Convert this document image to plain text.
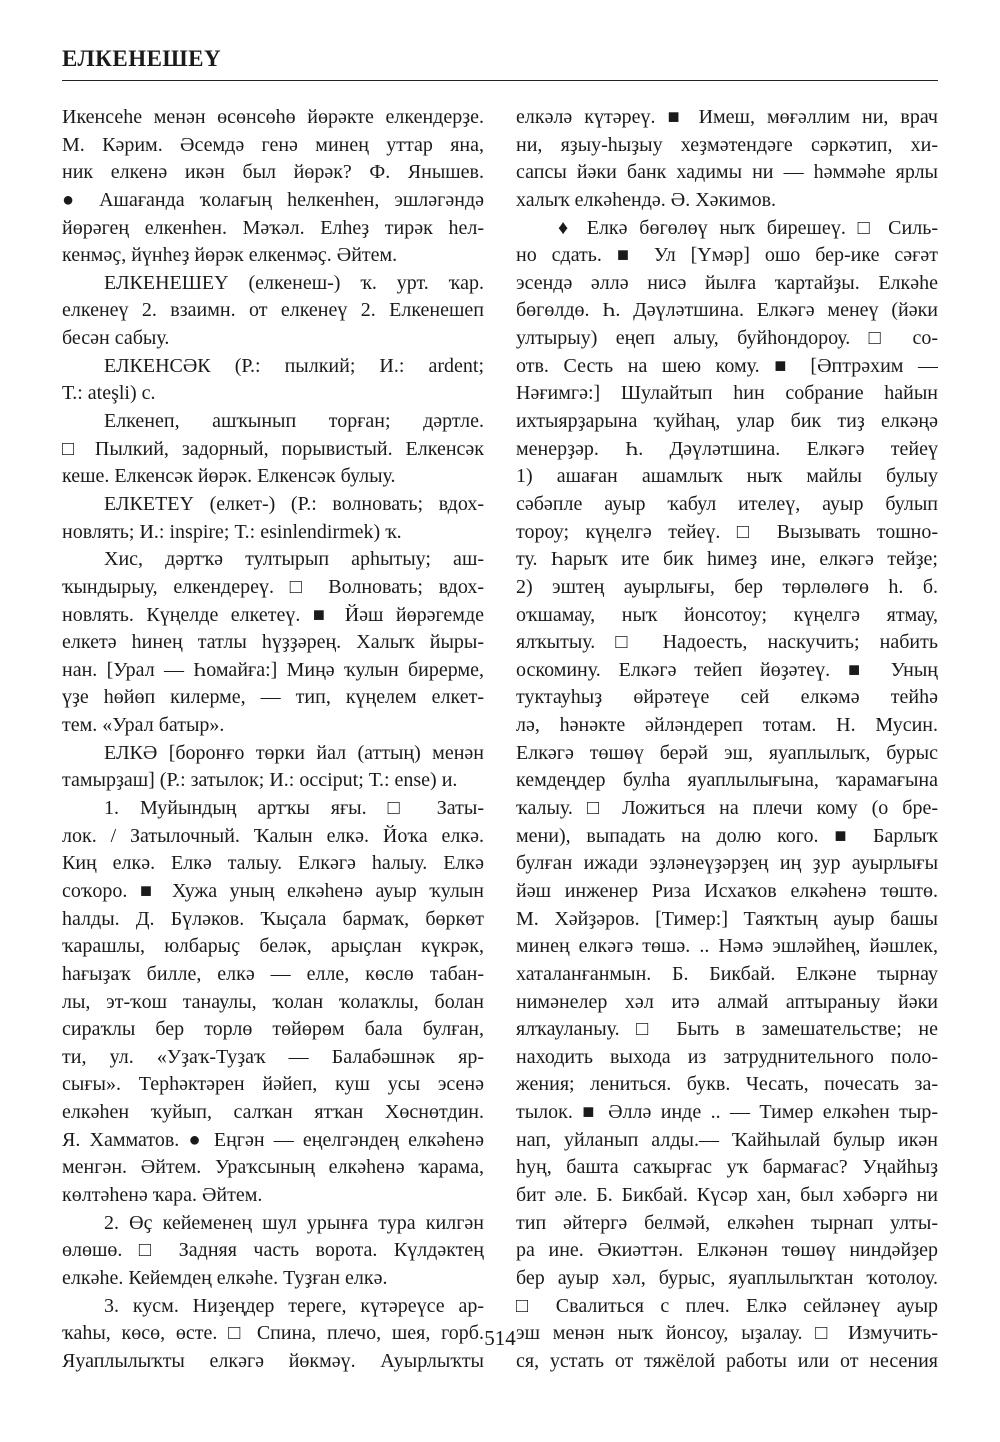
ЕЛКЕНЕШЕҮ
Икенсеһе менән өсөнсөһө йөрәкте елкендерҙе.
М. Кәрим. Әсемдә генә минең уттар яна,
ник елкенә икән был йөрәк? Ф. Янышев.
● Ашағанда ҡолағың һелкенһен, эшләгәндә
йөрәгең елкенһен. Мәҡәл. Елһеҙ тирәк һел-
кенмәҫ, йүнһеҙ йөрәк елкенмәҫ. Әйтем.
ЕЛКЕНЕШЕҮ (елкенеш-) ҡ. урт. ҡар.
елкенеү 2. взаимн. от елкенеү 2. Елкенешеп
бесән сабыу.
ЕЛКЕНСӘК (Р.: пылкий; И.: ardent;
Т.: ateşli) с.
Елкенеп, ашҡынып торған; дәртле.
□ Пылкий, задорный, порывистый. Елкенсәк
кеше. Елкенсәк йөрәк. Елкенсәк булыу.
ЕЛКЕТЕҮ (елкет-) (Р.: волновать; вдох-
новлять; И.: inspire; Т.: esinlendirmek) ҡ.
Хис, дәртҡә тултырып арһытыу; аш-
ҡындырыу, елкендереү. □ Волновать; вдох-
новлять. Күңелде елкетеү. ■ Йәш йөрәгемде
елкетә һинең татлы һүҙҙәрең. Халыҡ йыры-
нан. [Урал — Һомайға:] Миңә ҡулын бирерме,
үҙе һөйөп килерме, — тип, күңелем елкет-
тем. «Урал батыр».
ЕЛКӘ [боронғо төрки йал (аттың) менән
тамырҙаш] (Р.: затылок; И.: occiput; Т.: ense) и.
1. Муйындың артҡы яғы. □ Заты-
лок. / Затылочный. Ҡалын елкә. Йоҡа елкә.
Киң елкә. Елкә талыу. Елкәгә һалыу. Елкә
соҡоро. ■ Хужа уның елкәһенә ауыр ҡулын
һалды. Д. Бүләков. Ҡыҫала бармаҡ, бөркөт
ҡарашлы, юлбарыҫ беләк, арыҫлан күкрәк,
һағыҙаҡ билле, елкә — елле, көслө табан-
лы, эт-ҡош танаулы, ҡолан ҡолаҡлы, болан
сираҡлы бер торлө төйөрөм бала булған,
ти, ул. «Уҙаҡ-Туҙаҡ — Балабәшнәк яр-
сығы». Терһәктәрен йәйеп, куш усы эсенә
елкәһен ҡуйып, салҡан ятҡан Хөснөтдин.
Я. Хамматов. ● Еңгән — еңелгәндең елкәһенә
менгән. Әйтем. Ураҡсының елкәһенә ҡарама,
көлтәһенә ҡара. Әйтем.
2. Өҫ кейеменең шул урынға тура килгән
өлөшө. □ Задняя часть ворота. Күлдәктең
елкәһе. Кейемдең елкәһе. Туҙған елкә.
3. кусм. Ниҙеңдер тереге, күтәреүсе ар-
ҡаһы, көсө, өсте. □ Спина, плечо, шея, горб.
Яуаплылыҡты елкәгә йөкмәү. Ауырлыҡты
елкәлә күтәреү. ■ Имеш, мөғәллим ни, врач
ни, яҙыу-һыҙыу хеҙмәтендәге сәркәтип, хи-
сапсы йәки банк хадимы ни — һәммәһе ярлы
халыҡ елкәһендә. Ә. Хәкимов.
♦ Елкә бөгөлөү ныҡ бирешеү. □ Силь-
но сдать. ■ Ул [Үмәр] ошо бер-ике сәғәт
эсендә әллә нисә йылға ҡартайҙы. Елкәһе
бөгөлдө. Һ. Дәүләтшина. Елкәгә менеү (йәки
ултырыу) еңеп алыу, буйһондороу. □ со-
отв. Сесть на шею кому. ■ [Әптрәхим —
Нәғимгә:] Шулайтып һин собрание һайын
ихтыярҙарына ҡуйһаң, улар бик тиҙ елкәңә
менерҙәр. Һ. Дәүләтшина. Елкәгә тейеү
1) ашаған ашамлыҡ ныҡ майлы булыу
сәбәпле ауыр ҡабул ителеү, ауыр булып
тороу; күңелгә тейеү. □ Вызывать тошно-
ту. Һарыҡ ите бик һимеҙ ине, елкәгә тейҙе;
2) эштең ауырлығы, бер төрлөлөгө һ. б.
оҡшамау, ныҡ йонсотоу; күңелгә ятмау,
ялҡытыу. □ Надоесть, наскучить; набить
оскомину. Елкәгә тейеп йөҙәтеү. ■ Уның
туктауһыҙ өйрәтеүе сей елкәмә тейһә
лә, һәнәкте әйләндереп тотам. Н. Мусин.
Елкәгә төшөү берәй эш, яуаплылыҡ, бурыс
кемдеңдер булһа яуаплылығына, ҡарамағына
ҡалыу. □ Ложиться на плечи кому (о бре-
мени), выпадать на долю кого. ■ Барлыҡ
булған ижади эҙләнеүҙәрҙең иң ҙур ауырлығы
йәш инженер Риза Исхаҡов елкәһенә төштө.
М. Хәйҙәров. [Тимер:] Таяҡтың ауыр башы
минең елкәгә төшә. .. Нәмә эшләйһең, йәшлек,
хаталанғанмын. Б. Бикбай. Елкәне тырнау
нимәнелер хәл итә алмай аптыраныу йәки
ялҡауланыу. □ Быть в замешательстве; не
находить выхода из затруднительного поло-
жения; лениться. букв. Чесать, почесать за-
тылок. ■ Әллә инде .. — Тимер елкәһен тыр-
нап, уйланып алды.— Ҡайһылай булыр икән
һуң, башта саҡырғас уҡ бармағас? Уңайһыҙ
бит әле. Б. Бикбай. Күсәр хан, был хәбәргә ни
тип әйтергә белмәй, елкәһен тырнап улты-
ра ине. Әкиәттән. Елкәнән төшөү ниндәйҙер
бер ауыр хәл, бурыс, яуаплылыҡтан ҡотолоу.
□ Свалиться с плеч. Елкә сейләнеү ауыр
эш менән ныҡ йонсоу, ыҙалау. □ Измучить-
ся, устать от тяжёлой работы или от несения
514
